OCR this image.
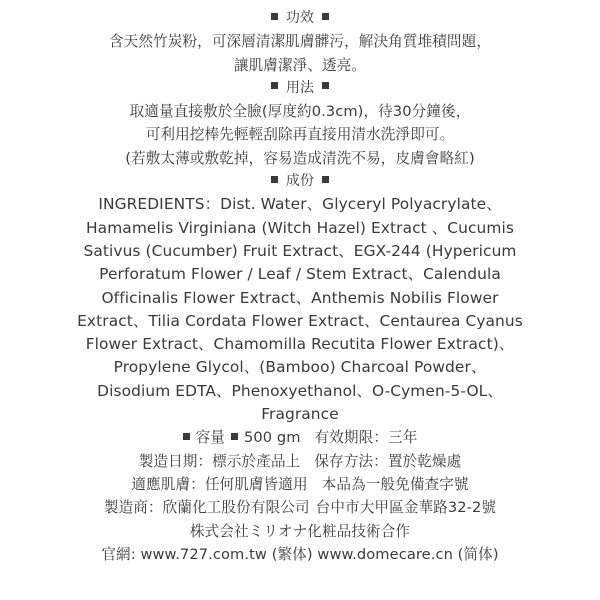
功效
含天然竹炭粉，可深層清潔肌膚髒污，解決角質堆積問題，
讓肌膚潔淨、透亮。
用法
取適量直接敷於全臉(厚度約0.3cm)，待30分鐘後，
可利用挖棒先輕輕刮除再直接用清水洗淨即可。
(若敷太薄或敷乾掉，容易造成清洗不易，皮膚會略紅)
成份
INGREDIENTS：Dist. Water、Glyceryl Polyacrylate、
Hamamelis Virginiana (Witch Hazel) Extract 、Cucumis
Sativus (Cucumber) Fruit Extract、EGX-244 (Hypericum
Perforatum Flower / Leaf / Stem Extract、Calendula
Officinalis Flower Extract、Anthemis Nobilis Flower
Extract、Tilia Cordata Flower Extract、Centaurea Cyanus
Flower Extract、Chamomilla Recutita Flower Extract)、
Propylene Glycol、(Bamboo) Charcoal Powder、
Disodium EDTA、Phenoxyethanol、O-Cymen-5-OL、
Fragrance
容量 500 gm 有效期限：三年
製造日期：標示於產品上 保存方法：置於乾燥處
適應肌膚：任何肌膚皆適用 本品為一般免備查字號
製造商：欣蘭化工股份有限公司 台中市大甲區金華路32-2號
株式会社ミリオナ化粧品技術合作
官網: www.727.com.tw (繁体) www.domecare.cn (简体)
